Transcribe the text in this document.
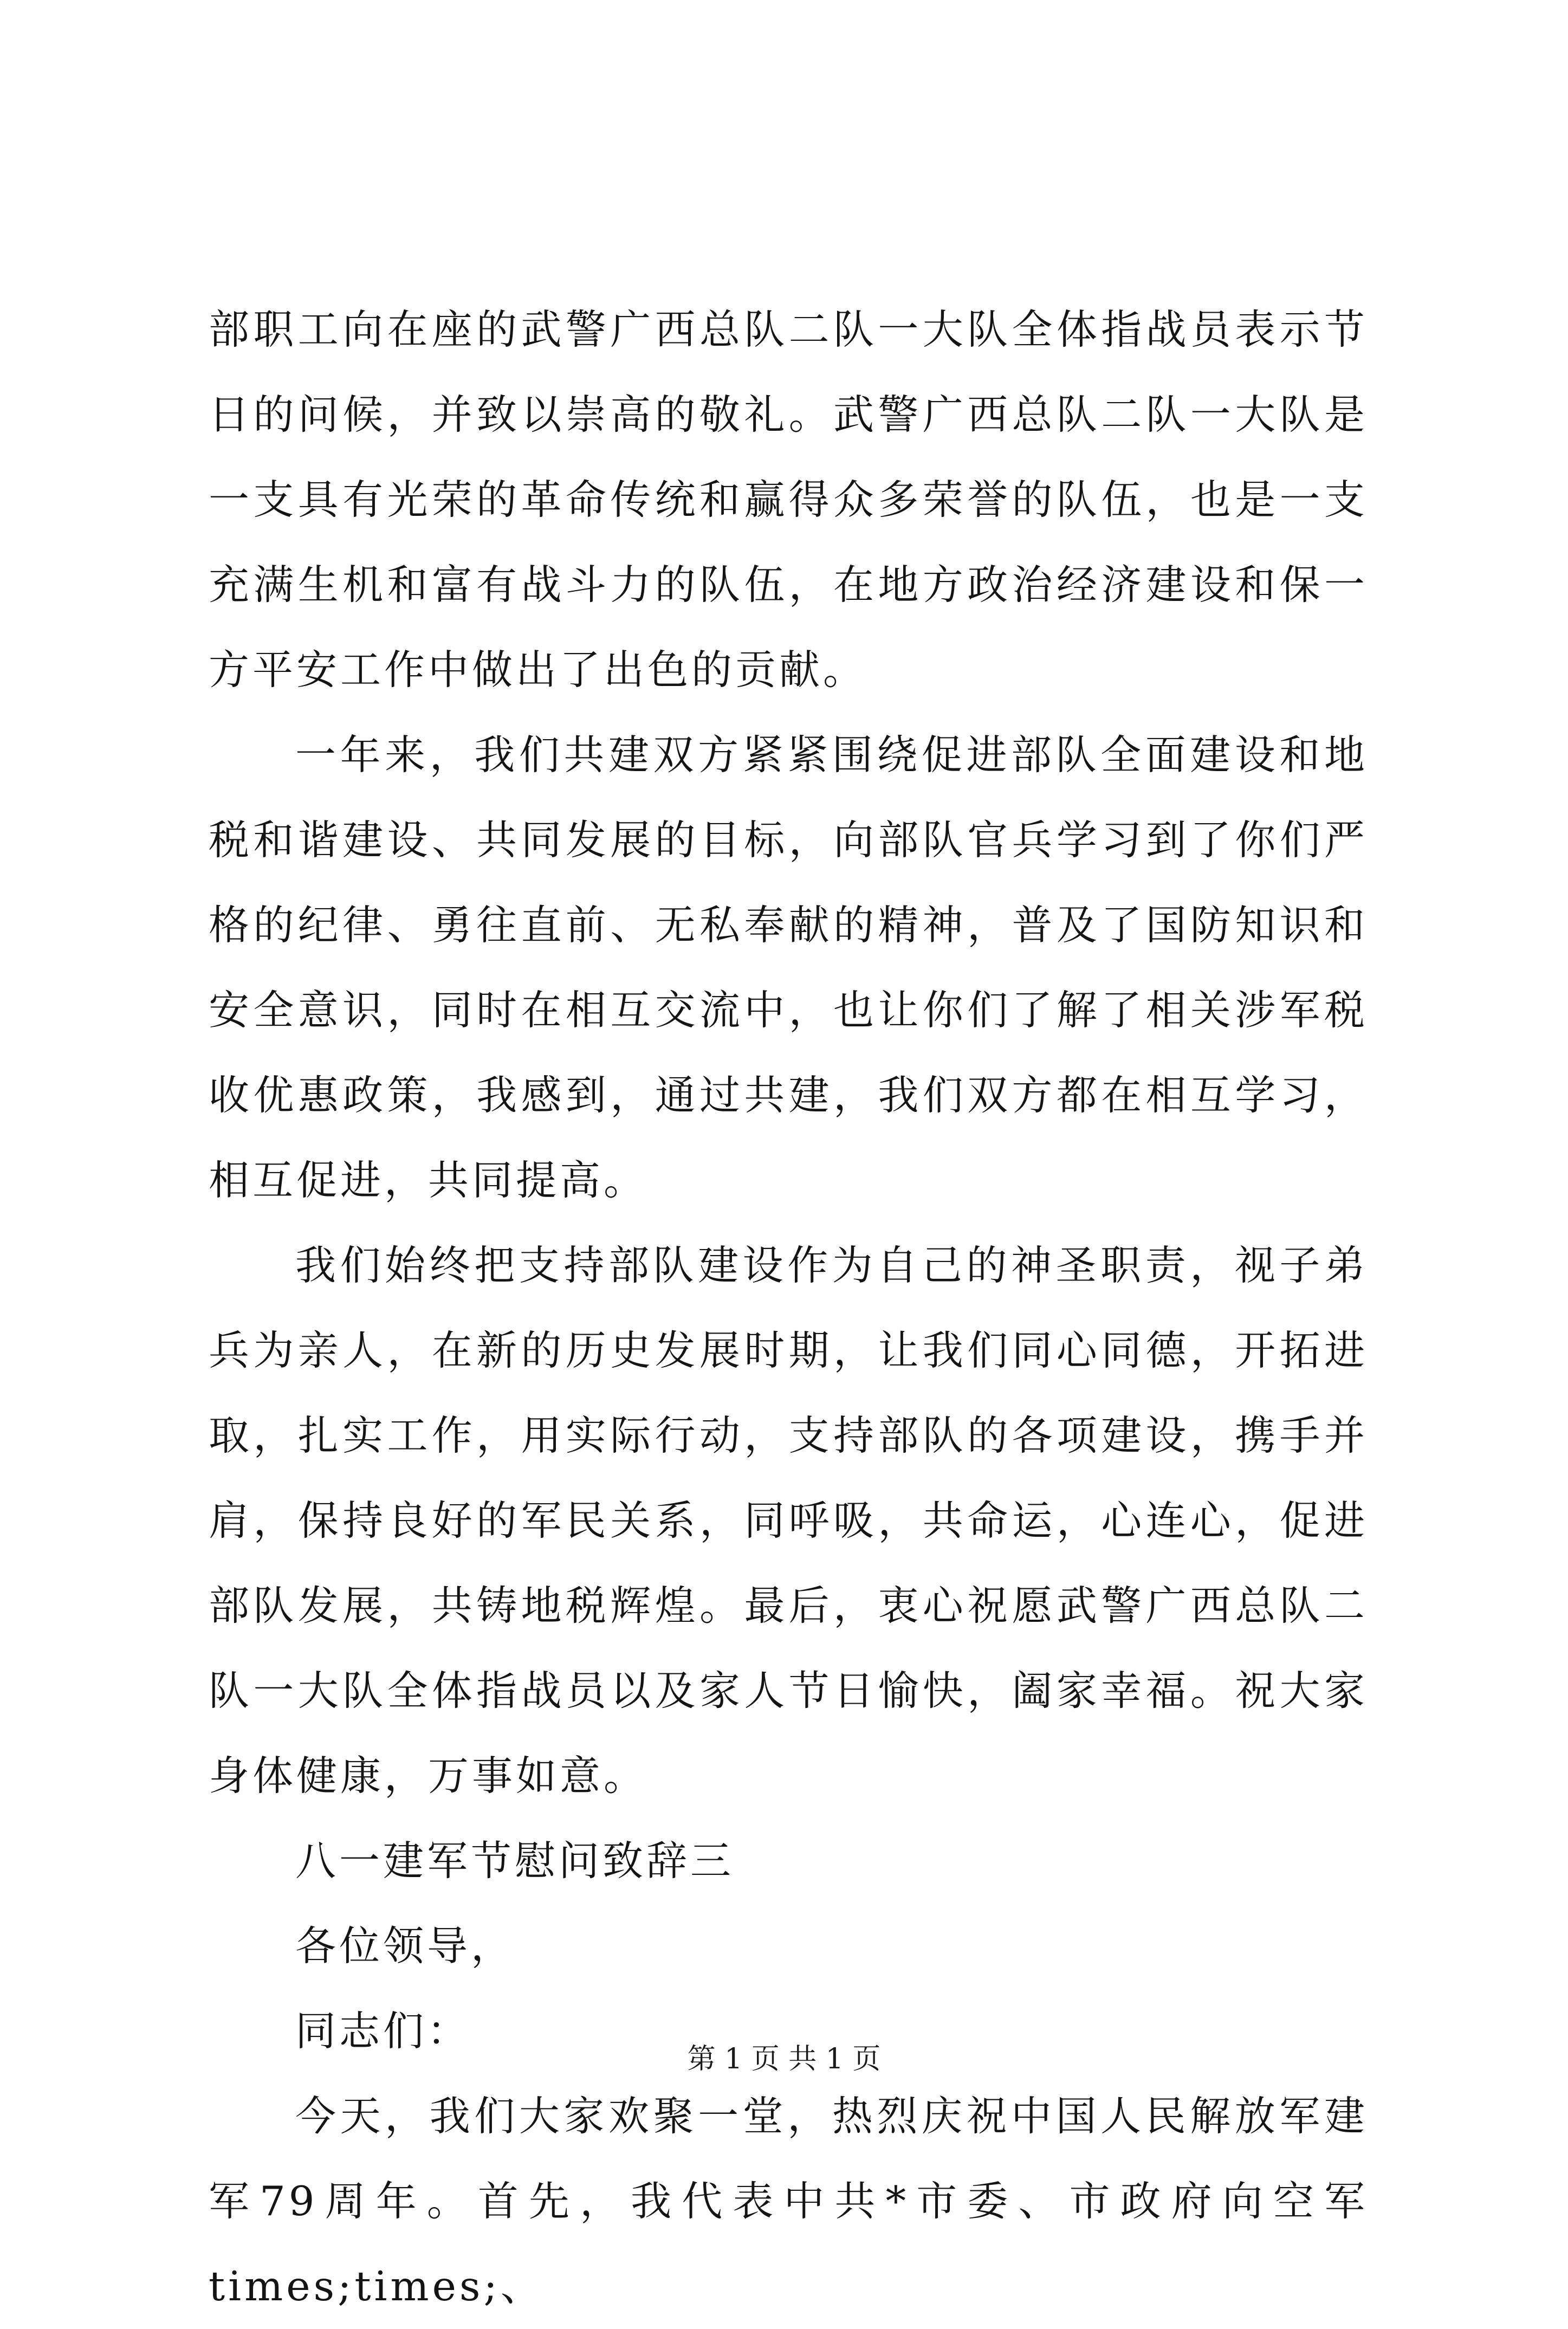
部职工向在座的武警广西总队二队一大队全体指战员表示节日的问候，并致以崇高的敬礼。武警广西总队二队一大队是一支具有光荣的革命传统和赢得众多荣誉的队伍，也是一支充满生机和富有战斗力的队伍，在地方政治经济建设和保一方平安工作中做出了出色的贡献。

一年来，我们共建双方紧紧围绕促进部队全面建设和地税和谐建设、共同发展的目标，向部队官兵学习到了你们严格的纪律、勇往直前、无私奉献的精神，普及了国防知识和安全意识，同时在相互交流中，也让你们了解了相关涉军税收优惠政策，我感到，通过共建，我们双方都在相互学习，相互促进，共同提高。

我们始终把支持部队建设作为自己的神圣职责，视子弟兵为亲人，在新的历史发展时期，让我们同心同德，开拓进取，扎实工作，用实际行动，支持部队的各项建设，携手并肩，保持良好的军民关系，同呼吸，共命运，心连心，促进部队发展，共铸地税辉煌。最后，衷心祝愿武警广西总队二队一大队全体指战员以及家人节日愉快，阖家幸福。祝大家身体健康，万事如意。

八一建军节慰问致辞三

各位领导，

同志们：

今天，我们大家欢聚一堂，热烈庆祝中国人民解放军建军79周年。首先，我代表中共*市委、市政府向空军times;times;、

第 1 页 共 1 页
